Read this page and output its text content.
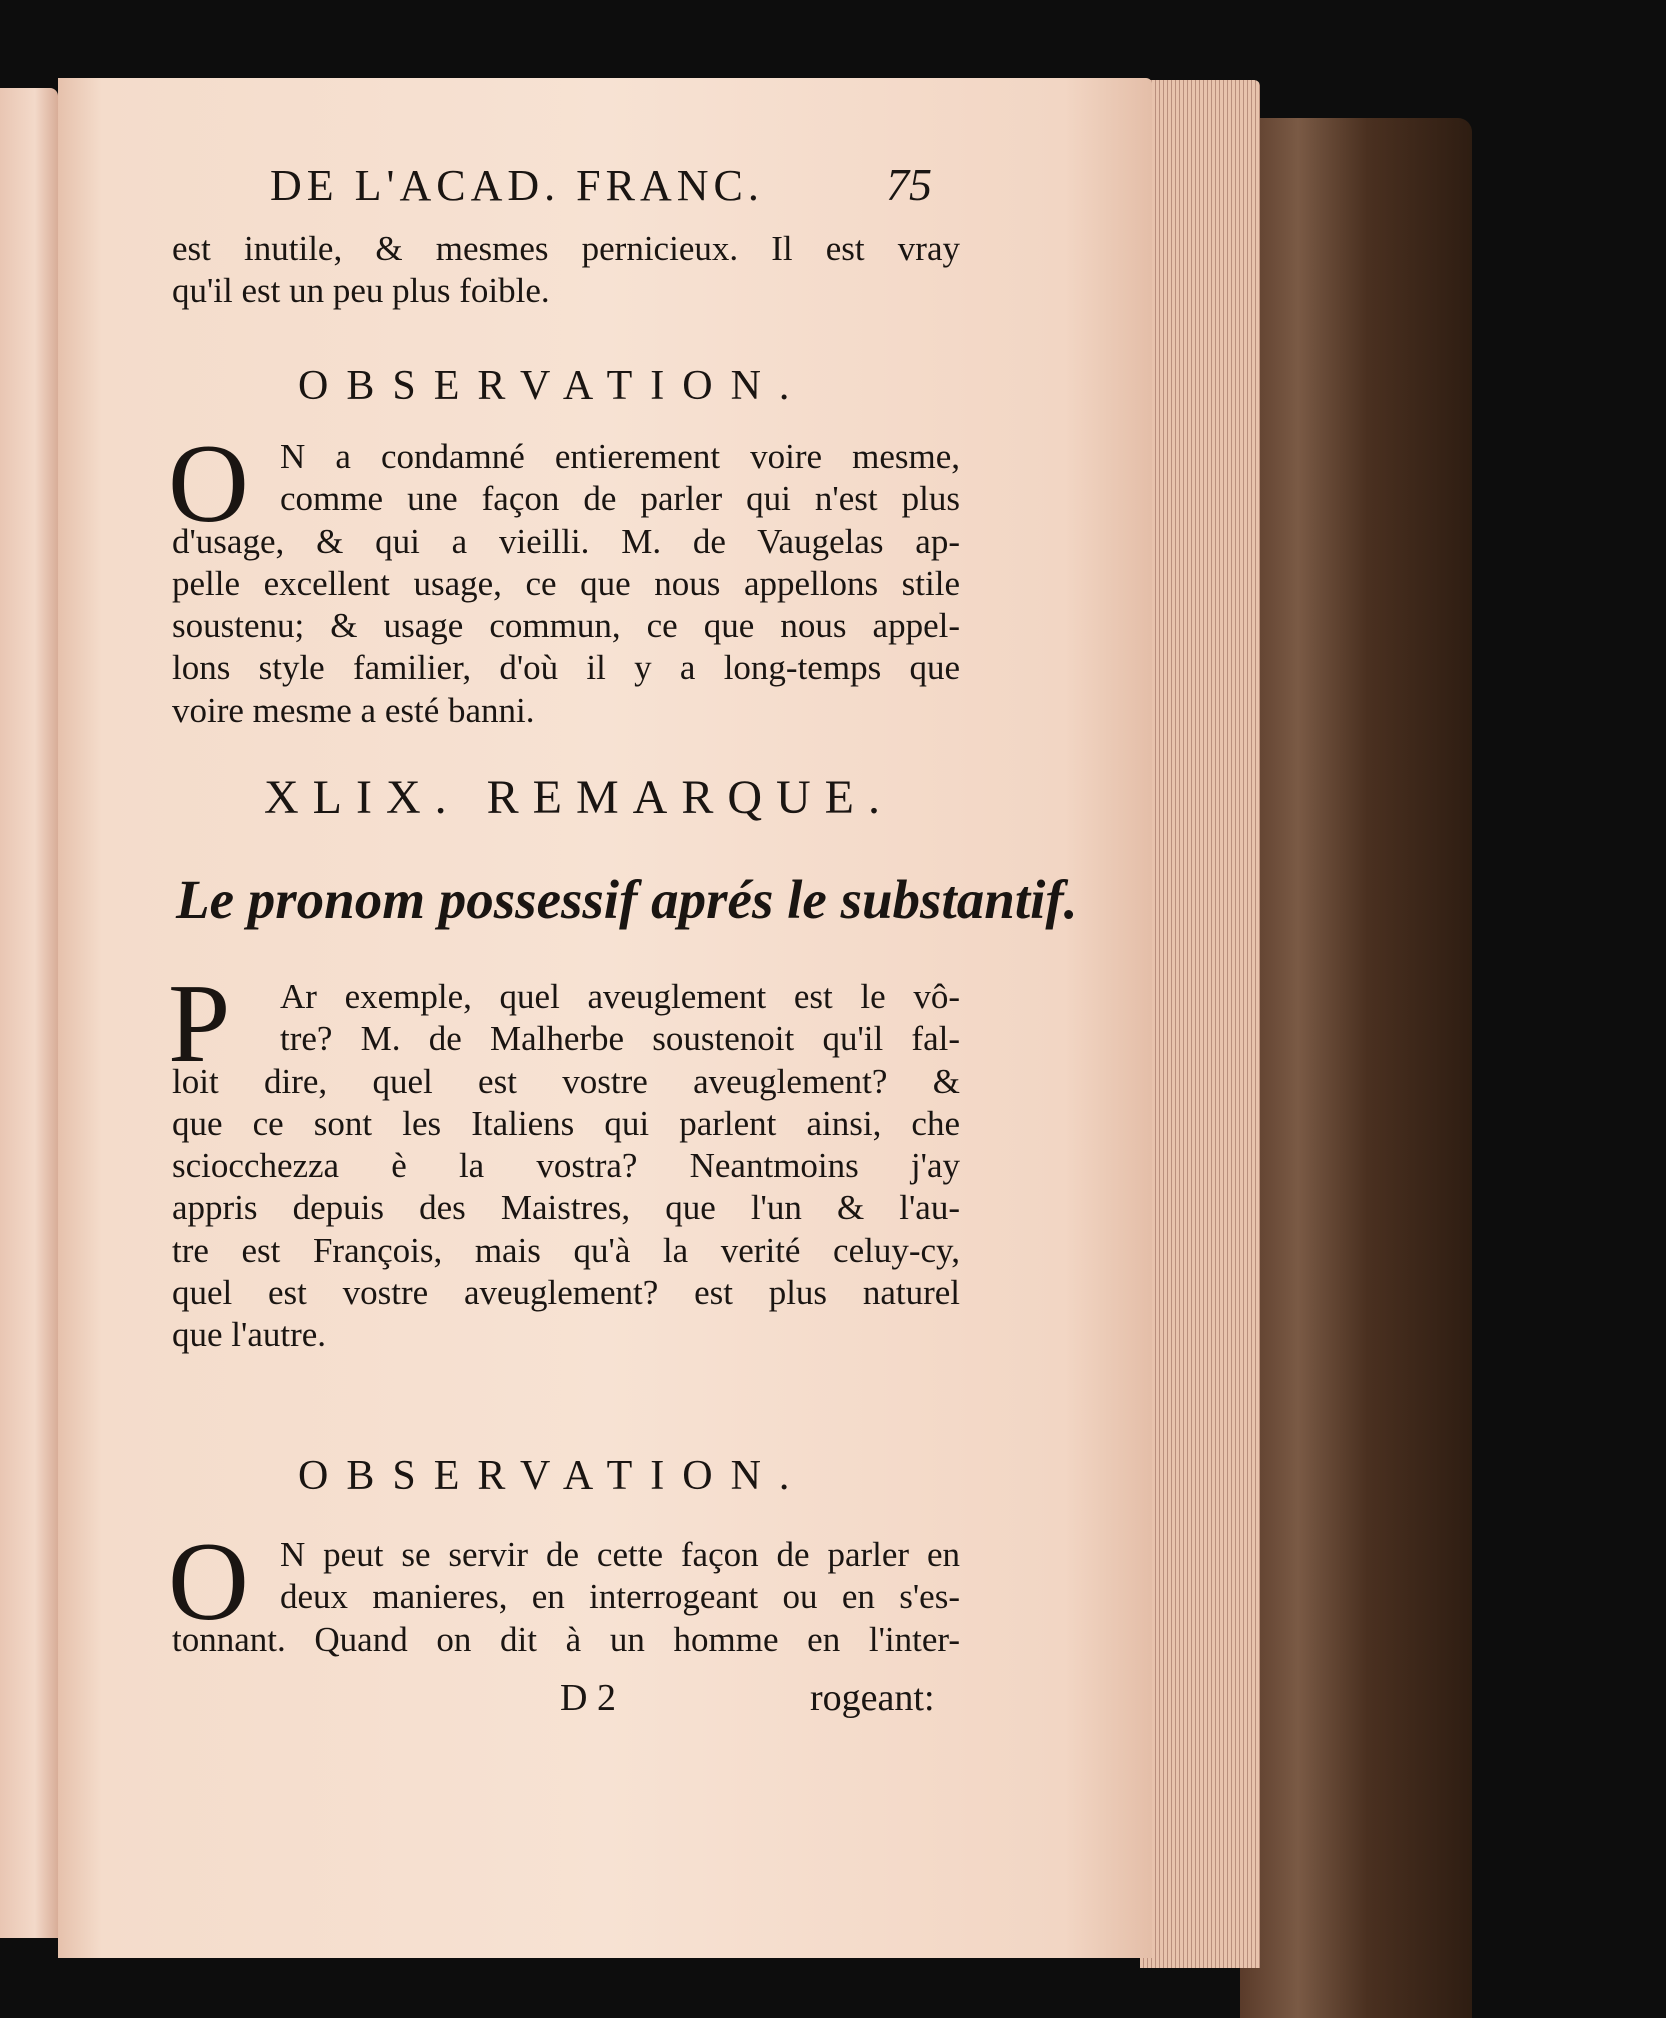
DE L'ACAD. FRANC.	75
est inutile, & mesmes pernicieux. Il est vray
qu'il est un peu plus foible.
OBSERVATION.
O N a condamné entierement voire mesme,
comme une façon de parler qui n'est plus
d'usage, & qui a vieilli. M. de Vaugelas ap-
pelle excellent usage, ce que nous appellons stile
soustenu; & usage commun, ce que nous appel-
lons style familier, d'où il y a long-temps que
voire mesme a esté banni.
XLIX. REMARQUE.
Le pronom possessif aprés le substantif.
P	Ar exemple, quel aveuglement est le vô-
tre? M. de Malherbe soustenoit qu'il fal-
loit dire, quel est vostre aveuglement? &
que ce sont les Italiens qui parlent ainsi, che
sciocchezza è la vostra? Neantmoins j'ay
appris depuis des Maistres, que l'un & l'au-
tre est François, mais qu'à la verité celuy-cy,
quel est vostre aveuglement? est plus naturel
que l'autre.
OBSERVATION.
O N peut se servir de cette façon de parler en
deux manieres, en interrogeant ou en s'es-
tonnant. Quand on dit à un homme en l'inter-
D 2	rogeant:
